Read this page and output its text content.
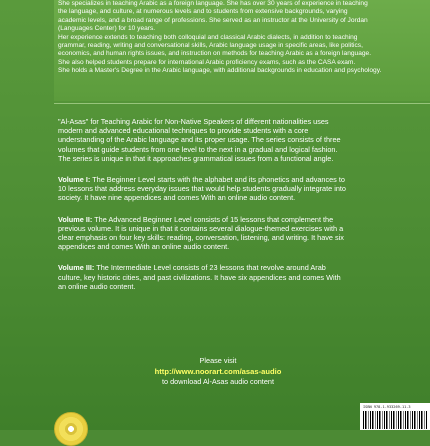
She specializes in teaching Arabic as a foreign language. She has over 30 years of experience in teaching

the language, and culture, at numerous levels and to students from extensive backgrounds, varying

academic levels, and a broad range of professions. She served as an instructor at the University of Jordan

(Languages Center) for 10 years.

Her experience extends to teaching both colloquial and classical Arabic dialects, in addition to teaching

grammar, reading, writing and conversational skills, Arabic language usage in specific areas, like politics,

economics, and human rights issues, and instruction on methods for teaching Arabic as a foreign language.

She also helped students prepare for international Arabic proficiency exams, such as the CASA exam.

She holds a Master's Degree in the Arabic language, with additional backgrounds in education and psychology.

"Al-Asas" for Teaching Arabic for Non-Native Speakers of different nationalities uses
modern and advanced educational techniques to provide students with a core
understanding of the Arabic language and its proper usage. The series consists of three
volumes that guide students from one level to the next in a gradual and logical fashion.
The series is unique in that it approaches grammatical issues from a functional angle.

Volume I: The Beginner Level starts with the alphabet and its phonetics and advances to
10 lessons that address everyday issues that would help students gradually integrate into
society. It have nine appendices and comes With an online audio content.

Volume II: The Advanced Beginner Level consists of 15 lessons that complement the
previous volume. It is unique in that it contains several dialogue-themed exercises with a
clear emphasis on four key skills: reading, conversation, listening, and writing. It have six
appendices and comes With an online audio content.

Volume III: The Intermediate Level consists of 23 lessons that revolve around Arab
culture, key historic cities, and past civilizations. It have six appendices and comes With
an online audio content.

Please visit
http://www.noorart.com/asas-audio
to download Al-Asas audio content
ISBN 978-1-933269-11-3
